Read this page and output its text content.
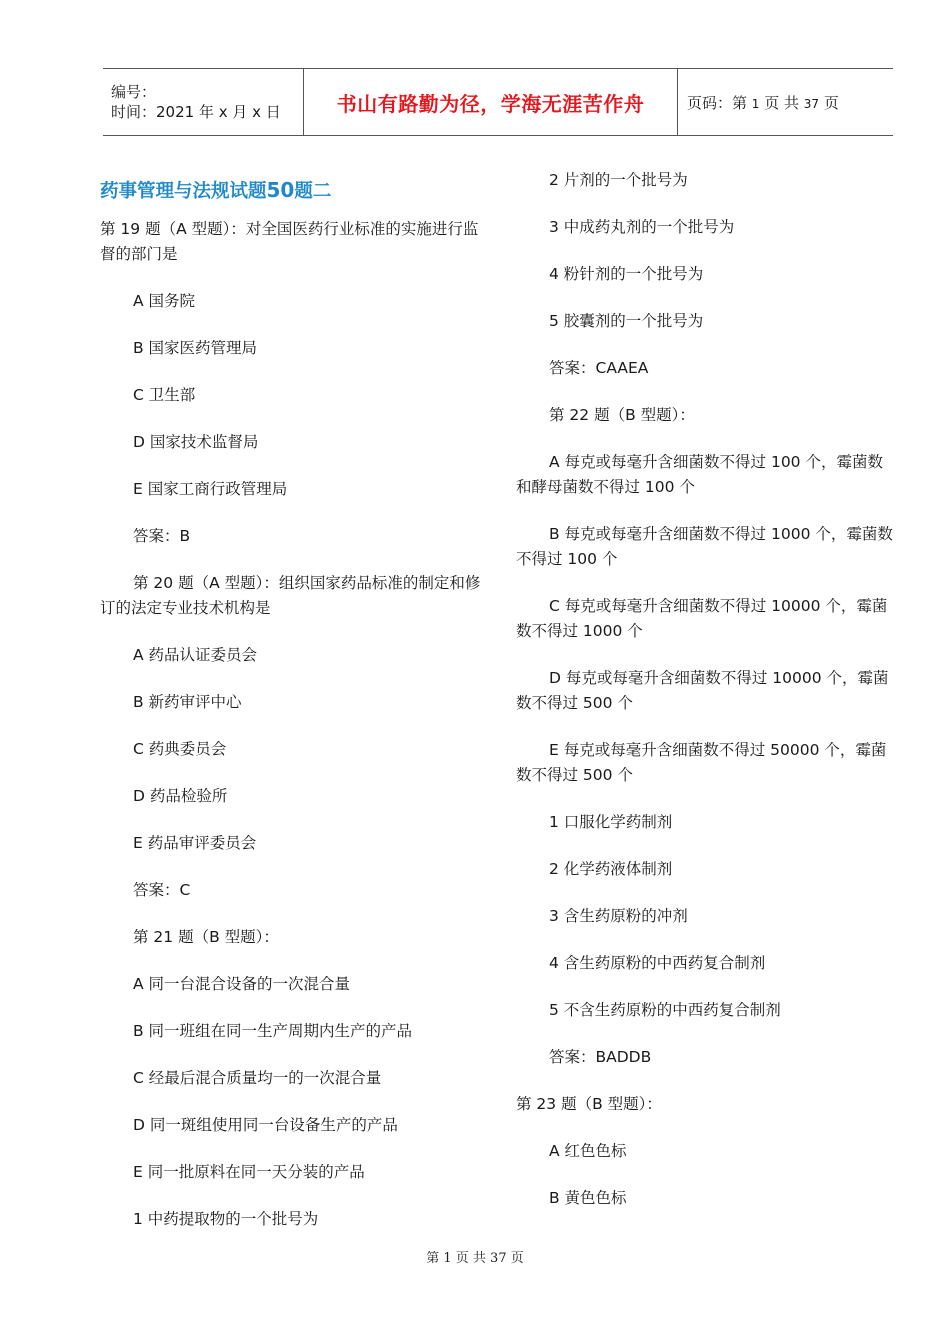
编号：
时间：2021 年 x 月 x 日	书山有路勤为径，学海无涯苦作舟	页码：第 1 页 共 37 页
药事管理与法规试题50题二

第 19 题（A 型题）：对全国医药行业标准的实施进行监督的部门是

A 国务院

B 国家医药管理局

C 卫生部

D 国家技术监督局

E 国家工商行政管理局

答案：B

第 20 题（A 型题）：组织国家药品标准的制定和修订的法定专业技术机构是

A 药品认证委员会

B 新药审评中心

C 药典委员会

D 药品检验所

E 药品审评委员会

答案：C

第 21 题（B 型题）：

A 同一台混合设备的一次混合量

B 同一班组在同一生产周期内生产的产品

C 经最后混合质量均一的一次混合量

D 同一斑组使用同一台设备生产的产品

E 同一批原料在同一天分装的产品

1 中药提取物的一个批号为

2 片剂的一个批号为

3 中成药丸剂的一个批号为

4 粉针剂的一个批号为

5 胶囊剂的一个批号为

答案：CAAEA

第 22 题（B 型题）：

A 每克或每毫升含细菌数不得过 100 个，霉菌数和酵母菌数不得过 100 个

B 每克或每毫升含细菌数不得过 1000 个，霉菌数不得过 100 个

C 每克或每毫升含细菌数不得过 10000 个，霉菌数不得过 1000 个

D 每克或每毫升含细菌数不得过 10000 个，霉菌数不得过 500 个

E 每克或每毫升含细菌数不得过 50000 个，霉菌数不得过 500 个

1 口服化学药制剂

2 化学药液体制剂

3 含生药原粉的冲剂

4 含生药原粉的中西药复合制剂

5 不含生药原粉的中西药复合制剂

答案：BADDB

第 23 题（B 型题）：

A 红色色标

B 黄色色标

第 1 页 共 37 页
